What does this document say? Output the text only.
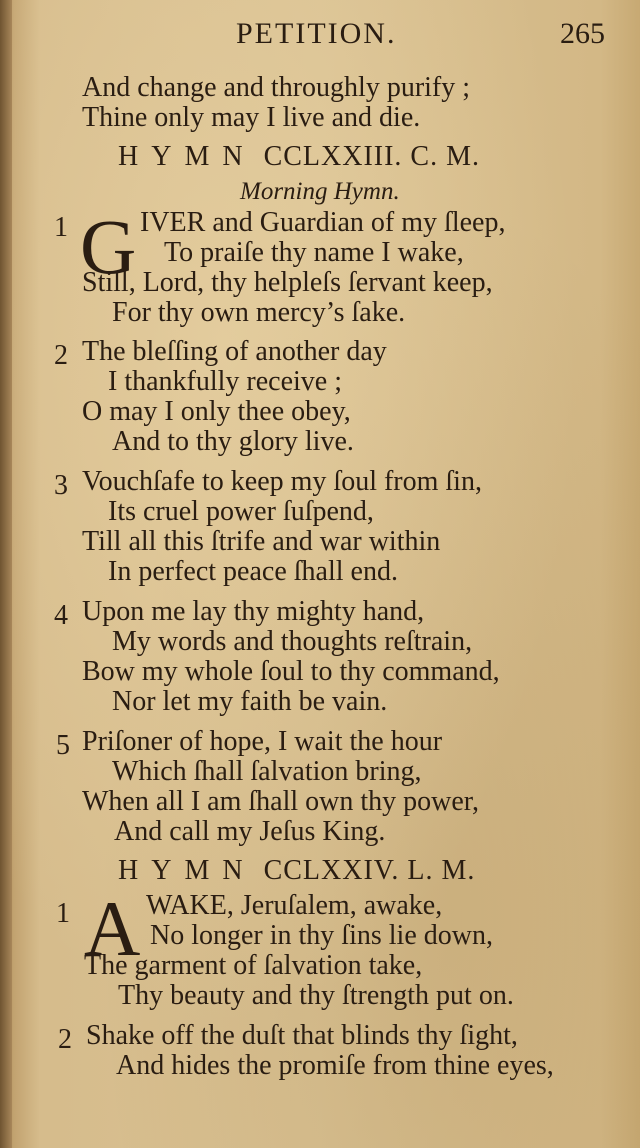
PETITION.	265
And change and throughly purify ;
Thine only may I live and die.
HYMN CCLXXIII. C. M.
Morning Hymn.
1 G IVER and Guardian of my ſleep,
To praiſe thy name I wake,
Still, Lord, thy helpleſs ſervant keep,
For thy own mercy’s ſake.
2 The bleſſing of another day
I thankfully receive ;
O may I only thee obey,
And to thy glory live.
3 Vouchſafe to keep my ſoul from ſin,
Its cruel power ſuſpend,
Till all this ſtrife and war within
In perfect peace ſhall end.
4 Upon me lay thy mighty hand,
My words and thoughts reſtrain,
Bow my whole ſoul to thy command,
Nor let my faith be vain.
5 Priſoner of hope, I wait the hour
Which ſhall ſalvation bring,
When all I am ſhall own thy power,
And call my Jeſus King.
HYMN CCLXXIV. L. M.
1 A WAKE, Jeruſalem, awake,
No longer in thy ſins lie down,
The garment of ſalvation take,
Thy beauty and thy ſtrength put on.
2 Shake off the duſt that blinds thy ſight,
And hides the promiſe from thine eyes,
